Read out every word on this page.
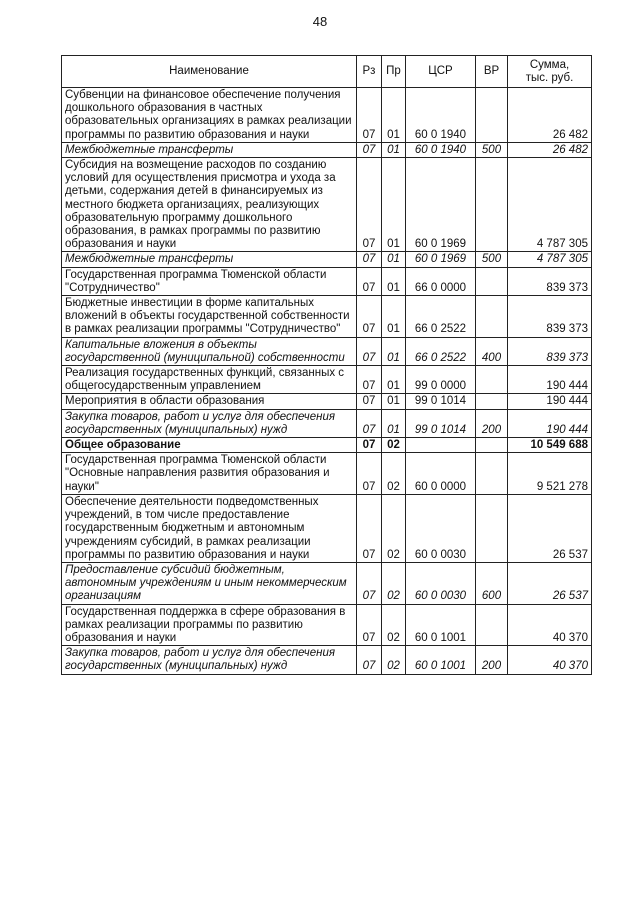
48
Наименование	Рз	Пр	ЦСР	ВР	Сумма,
тыс. руб.
Субвенции на финансовое обеспечение получения дошкольного образования в частных образовательных организациях в рамках реализации программы по развитию образования и науки	07	01	60 0 1940		26 482
Межбюджетные трансферты	07	01	60 0 1940	500	26 482
Субсидия на возмещение расходов по созданию условий для осуществления присмотра и ухода за детьми, содержания детей в финансируемых из местного бюджета организациях, реализующих образовательную программу дошкольного образования, в рамках программы по развитию образования и науки	07	01	60 0 1969		4 787 305
Межбюджетные трансферты	07	01	60 0 1969	500	4 787 305
Государственная программа Тюменской области "Сотрудничество"	07	01	66 0 0000		839 373
Бюджетные инвестиции в форме капитальных вложений в объекты государственной собственности в рамках реализации программы "Сотрудничество"	07	01	66 0 2522		839 373
Капитальные вложения в объекты государственной (муниципальной) собственности	07	01	66 0 2522	400	839 373
Реализация государственных функций, связанных с общегосударственным управлением	07	01	99 0 0000		190 444
Мероприятия в области образования	07	01	99 0 1014		190 444
Закупка товаров, работ и услуг для обеспечения государственных (муниципальных) нужд	07	01	99 0 1014	200	190 444
Общее образование	07	02			10 549 688
Государственная программа Тюменской области "Основные направления развития образования и науки"	07	02	60 0 0000		9 521 278
Обеспечение деятельности подведомственных учреждений, в том числе предоставление государственным бюджетным и автономным учреждениям субсидий, в рамках реализации программы по развитию образования и науки	07	02	60 0 0030		26 537
Предоставление субсидий бюджетным, автономным учреждениям и иным некоммерческим организациям	07	02	60 0 0030	600	26 537
Государственная поддержка в сфере образования в рамках реализации программы по развитию образования и науки	07	02	60 0 1001		40 370
Закупка товаров, работ и услуг для обеспечения государственных (муниципальных) нужд	07	02	60 0 1001	200	40 370
